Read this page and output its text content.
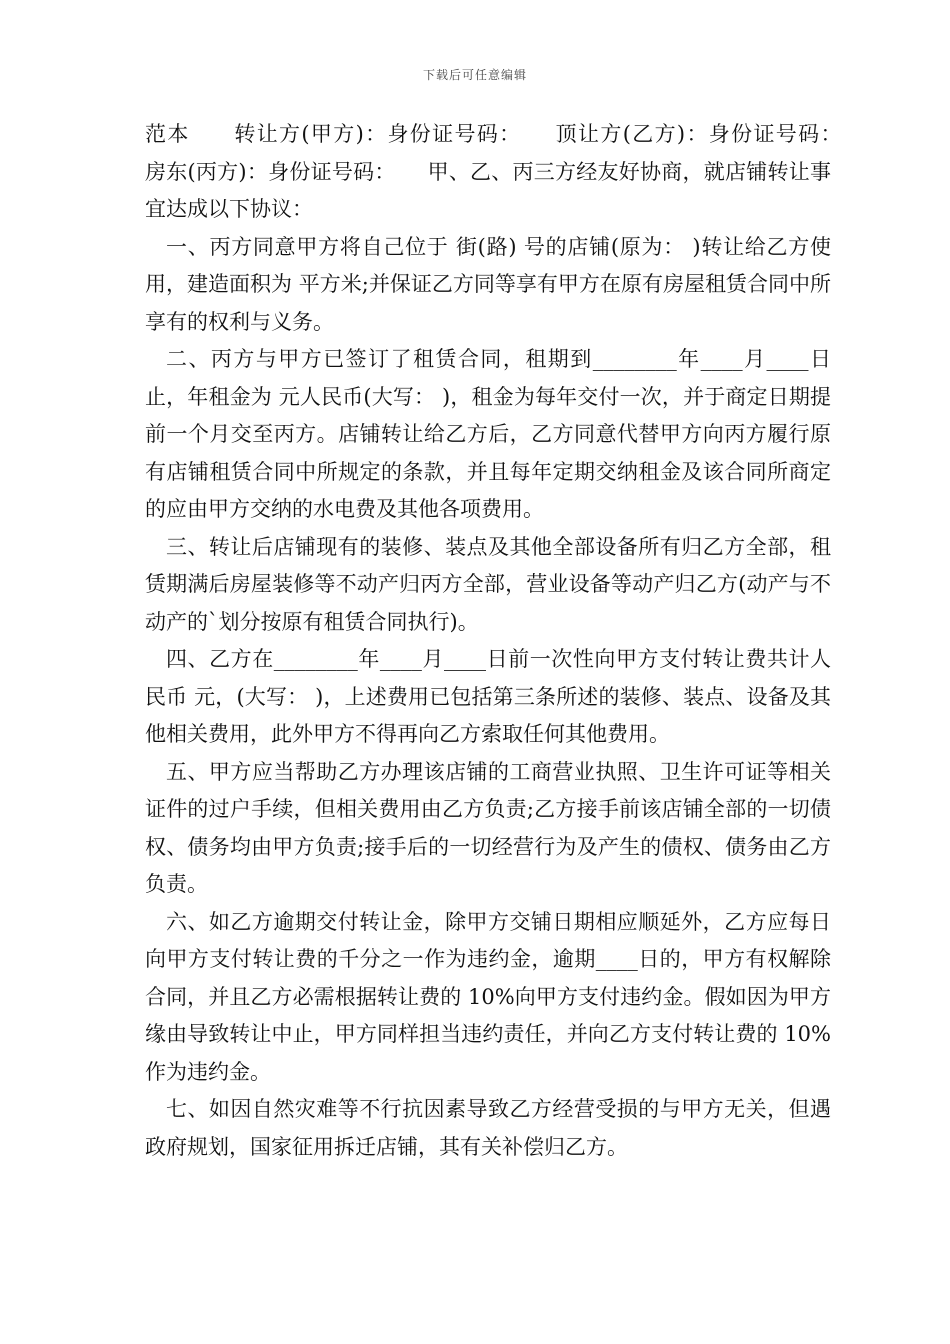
下载后可任意编辑

范本　　转让方(甲方)：身份证号码：　　顶让方(乙方)：身份证号码：　　房东(丙方)：身份证号码：　　甲、乙、丙三方经友好协商，就店铺转让事宜达成以下协议：

一、丙方同意甲方将自己位于 街(路) 号的店铺(原为： )转让给乙方使用，建造面积为 平方米;并保证乙方同等享有甲方在原有房屋租赁合同中所享有的权利与义务。

二、丙方与甲方已签订了租赁合同，租期到________年____月____日止，年租金为 元人民币(大写： )，租金为每年交付一次，并于商定日期提前一个月交至丙方。店铺转让给乙方后，乙方同意代替甲方向丙方履行原有店铺租赁合同中所规定的条款，并且每年定期交纳租金及该合同所商定的应由甲方交纳的水电费及其他各项费用。

三、转让后店铺现有的装修、装点及其他全部设备所有归乙方全部，租赁期满后房屋装修等不动产归丙方全部，营业设备等动产归乙方(动产与不动产的`划分按原有租赁合同执行)。

四、乙方在________年____月____日前一次性向甲方支付转让费共计人民币 元，(大写： )，上述费用已包括第三条所述的装修、装点、设备及其他相关费用，此外甲方不得再向乙方索取任何其他费用。

五、甲方应当帮助乙方办理该店铺的工商营业执照、卫生许可证等相关证件的过户手续，但相关费用由乙方负责;乙方接手前该店铺全部的一切债权、债务均由甲方负责;接手后的一切经营行为及产生的债权、债务由乙方负责。

六、如乙方逾期交付转让金，除甲方交铺日期相应顺延外，乙方应每日向甲方支付转让费的千分之一作为违约金，逾期____日的，甲方有权解除合同，并且乙方必需根据转让费的 10%向甲方支付违约金。假如因为甲方缘由导致转让中止，甲方同样担当违约责任，并向乙方支付转让费的 10%作为违约金。

七、如因自然灾难等不行抗因素导致乙方经营受损的与甲方无关，但遇政府规划，国家征用拆迁店铺，其有关补偿归乙方。
